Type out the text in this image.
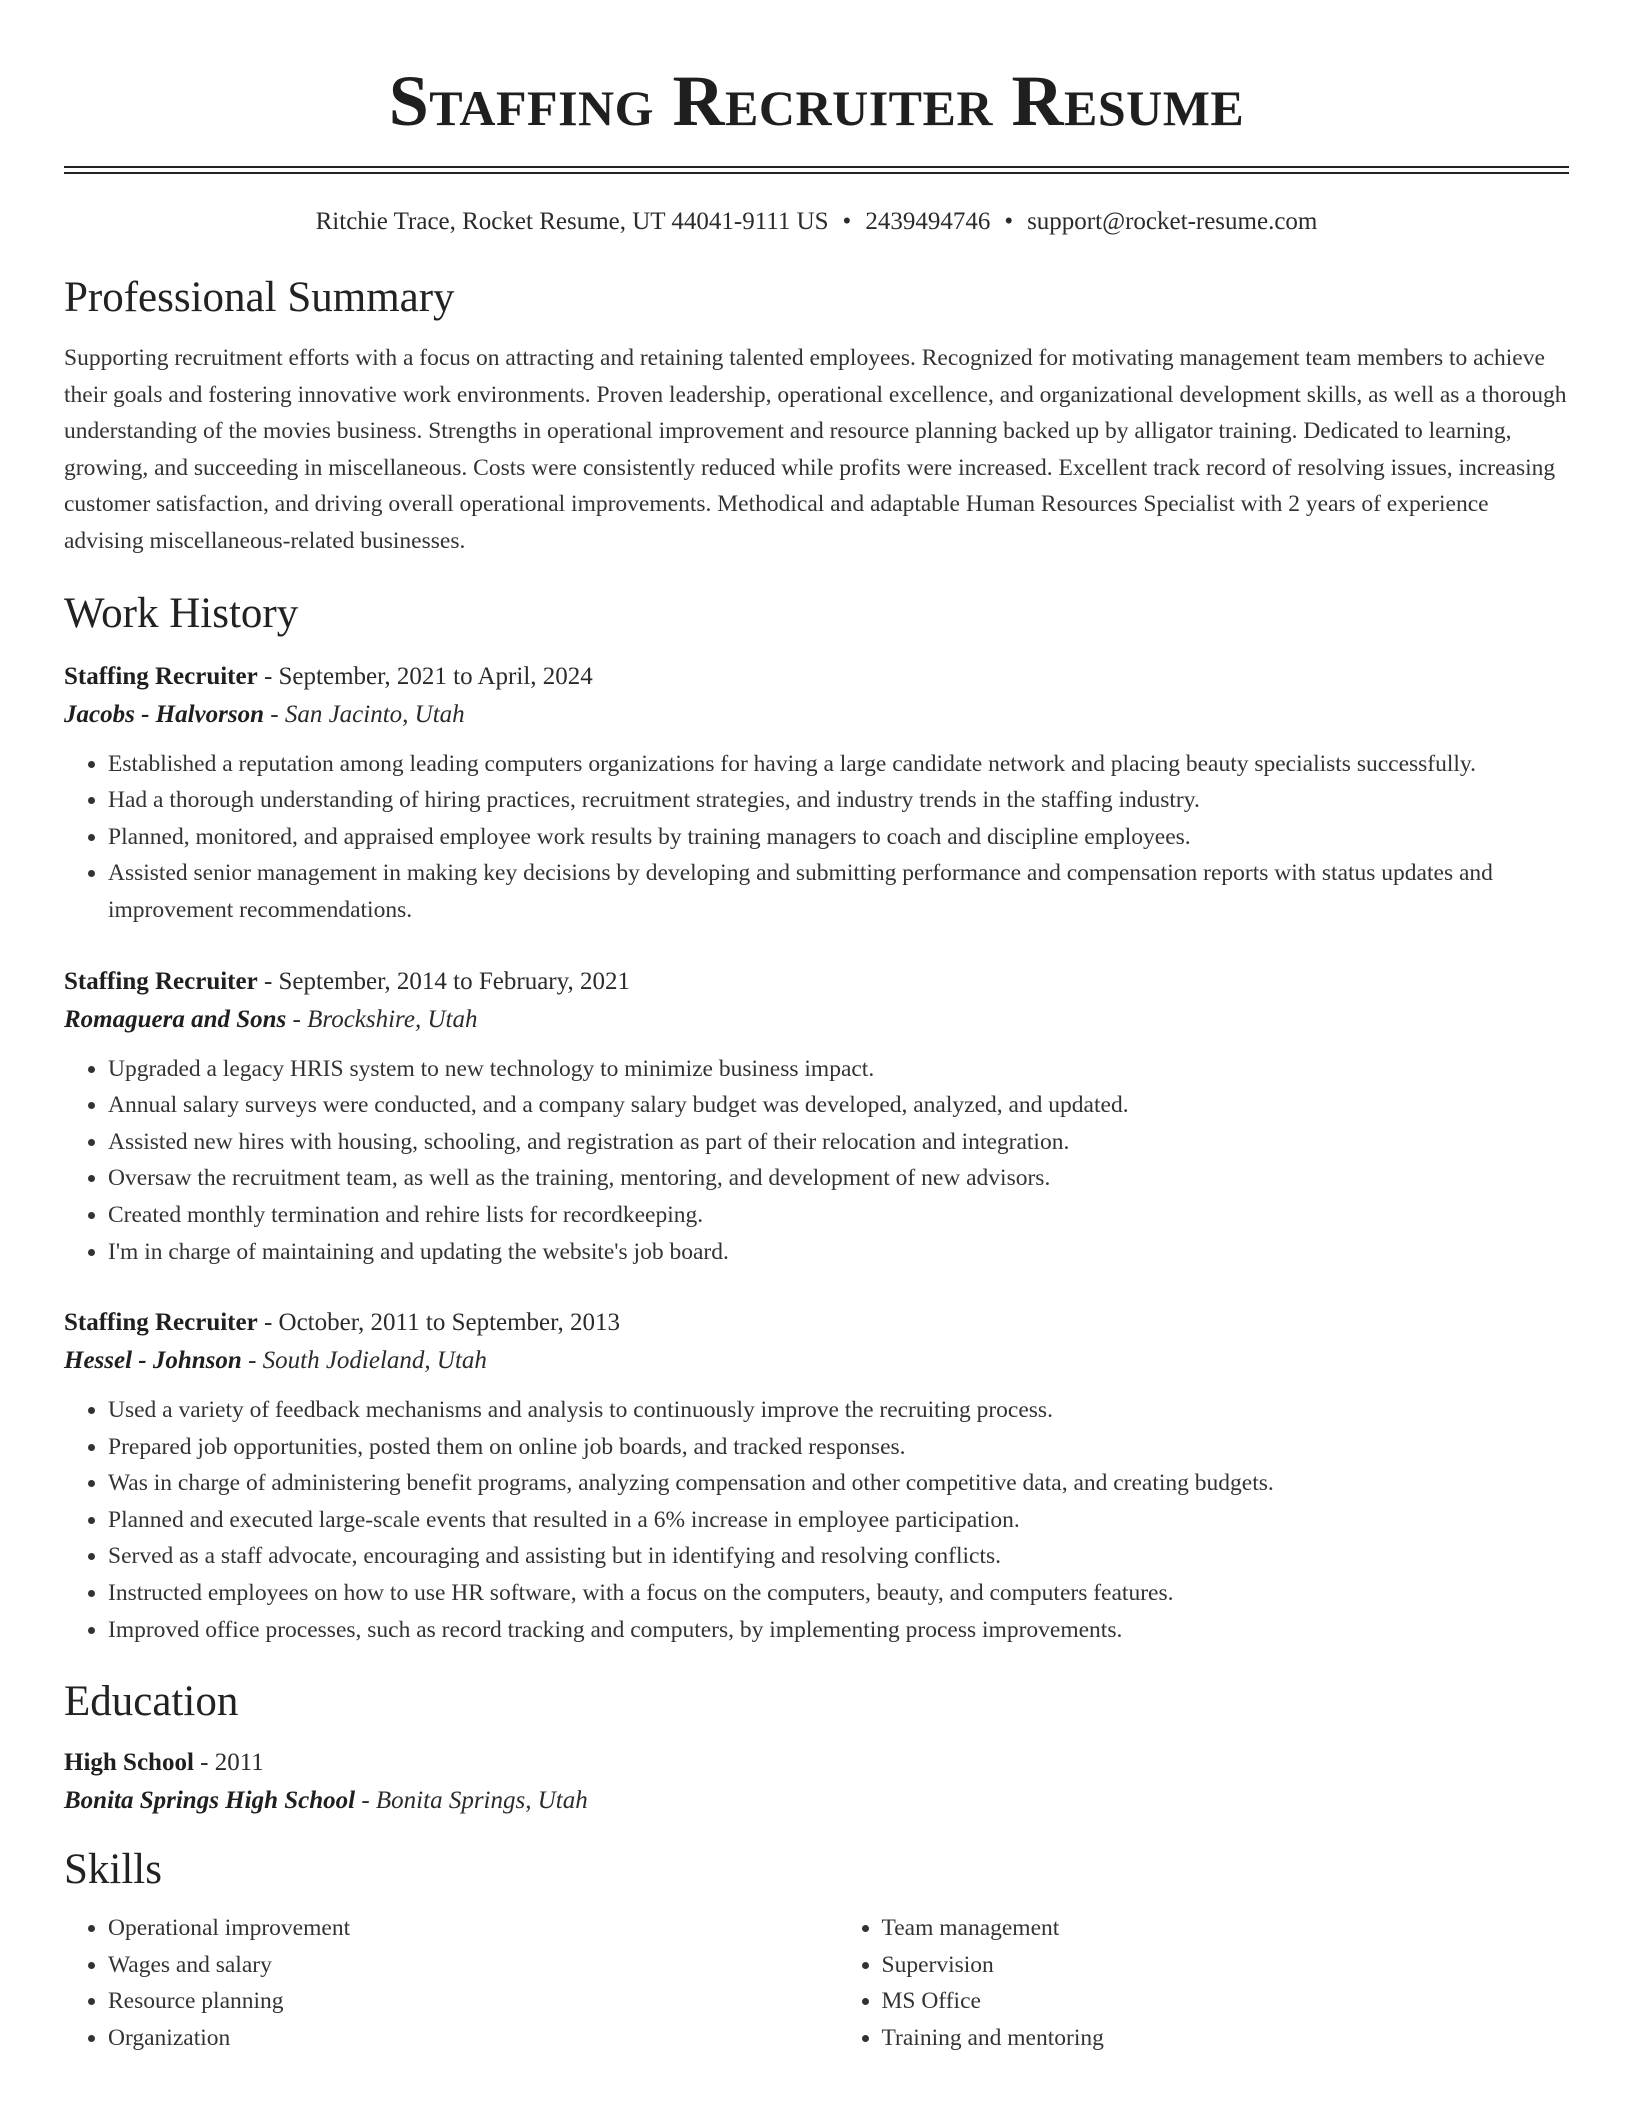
Staffing Recruiter Resume
Ritchie Trace, Rocket Resume, UT 44041-9111 US • 2439494746 • support@rocket-resume.com
Professional Summary
Supporting recruitment efforts with a focus on attracting and retaining talented employees. Recognized for motivating management team members to achieve their goals and fostering innovative work environments. Proven leadership, operational excellence, and organizational development skills, as well as a thorough understanding of the movies business. Strengths in operational improvement and resource planning backed up by alligator training. Dedicated to learning, growing, and succeeding in miscellaneous. Costs were consistently reduced while profits were increased. Excellent track record of resolving issues, increasing customer satisfaction, and driving overall operational improvements. Methodical and adaptable Human Resources Specialist with 2 years of experience advising miscellaneous-related businesses.
Work History
Staffing Recruiter - September, 2021 to April, 2024
Jacobs - Halvorson - San Jacinto, Utah
• Established a reputation among leading computers organizations for having a large candidate network and placing beauty specialists successfully.
• Had a thorough understanding of hiring practices, recruitment strategies, and industry trends in the staffing industry.
• Planned, monitored, and appraised employee work results by training managers to coach and discipline employees.
• Assisted senior management in making key decisions by developing and submitting performance and compensation reports with status updates and improvement recommendations.
Staffing Recruiter - September, 2014 to February, 2021
Romaguera and Sons - Brockshire, Utah
• Upgraded a legacy HRIS system to new technology to minimize business impact.
• Annual salary surveys were conducted, and a company salary budget was developed, analyzed, and updated.
• Assisted new hires with housing, schooling, and registration as part of their relocation and integration.
• Oversaw the recruitment team, as well as the training, mentoring, and development of new advisors.
• Created monthly termination and rehire lists for recordkeeping.
• I'm in charge of maintaining and updating the website's job board.
Staffing Recruiter - October, 2011 to September, 2013
Hessel - Johnson - South Jodieland, Utah
• Used a variety of feedback mechanisms and analysis to continuously improve the recruiting process.
• Prepared job opportunities, posted them on online job boards, and tracked responses.
• Was in charge of administering benefit programs, analyzing compensation and other competitive data, and creating budgets.
• Planned and executed large-scale events that resulted in a 6% increase in employee participation.
• Served as a staff advocate, encouraging and assisting but in identifying and resolving conflicts.
• Instructed employees on how to use HR software, with a focus on the computers, beauty, and computers features.
• Improved office processes, such as record tracking and computers, by implementing process improvements.
Education
High School - 2011
Bonita Springs High School - Bonita Springs, Utah
Skills
• Operational improvement
• Wages and salary
• Resource planning
• Organization
• Team management
• Supervision
• MS Office
• Training and mentoring
